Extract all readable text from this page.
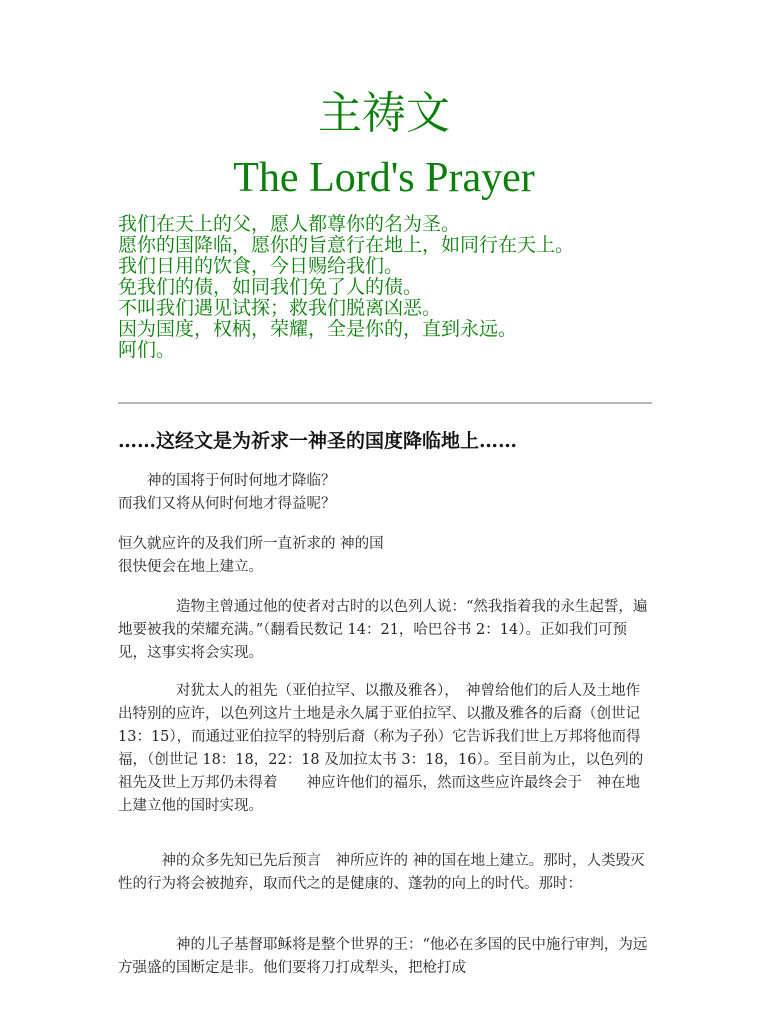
主祷文
The Lord's Prayer
我们在天上的父，愿人都尊你的名为圣。
愿你的国降临，愿你的旨意行在地上，如同行在天上。
我们日用的饮食，今日赐给我们。
免我们的债，如同我们免了人的债。
不叫我们遇见试探；救我们脱离凶恶。
因为国度，权柄，荣耀，全是你的，直到永远。
阿们。
……这经文是为祈求一神圣的国度降临地上……

　　神的国将于何时何地才降临？
而我们又将从何时何地才得益呢？

恒久就应许的及我们所一直祈求的 神的国
很快便会在地上建立。

　　　　造物主曾通过他的使者对古时的以色列人说：“然我指着我的永生起誓，遍地要被我的荣耀充满。”（翻看民数记 14：21，哈巴谷书 2：14）。正如我们可预见，这事实将会实现。

　　　　对犹太人的祖先（亚伯拉罕、以撒及雅各），　神曾给他们的后人及土地作出特别的应许，以色列这片土地是永久属于亚伯拉罕、以撒及雅各的后裔（创世记 13：15），而通过亚伯拉罕的特别后裔（称为子孙）它告诉我们世上万邦将他而得福，（创世记 18：18，22：18 及加拉太书 3：18，16）。至目前为止，以色列的祖先及世上万邦仍未得着　　神应许他们的福乐，然而这些应许最终会于　神在地上建立他的国时实现。

　　　神的众多先知已先后预言　神所应许的 神的国在地上建立。那时，人类毁灭性的行为将会被抛弃，取而代之的是健康的、蓬勃的向上的时代。那时：

　　　　神的儿子基督耶稣将是整个世界的王：“他必在多国的民中施行审判，为远方强盛的国断定是非。他们要将刀打成犁头，把枪打成
